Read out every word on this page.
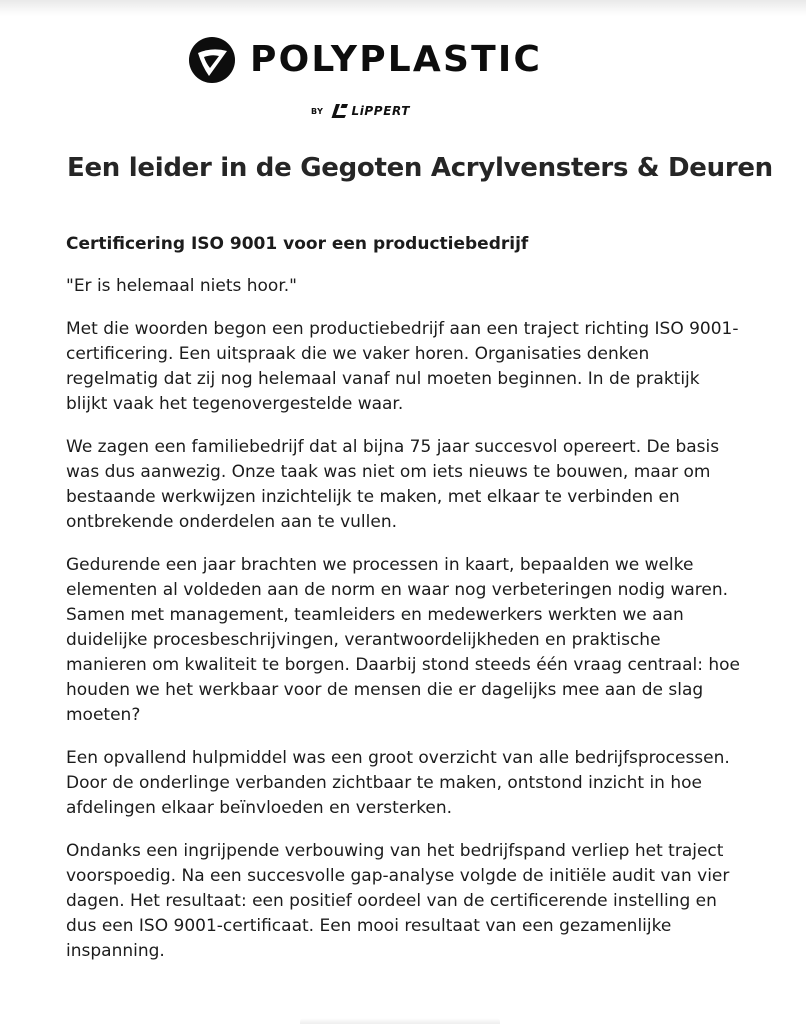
POLYPLASTIC
BY LiPPERT
Een leider in de Gegoten Acrylvensters & Deuren
Certificering ISO 9001 voor een productiebedrijf

"Er is helemaal niets hoor."

Met die woorden begon een productiebedrijf aan een traject richting ISO 9001-certificering. Een uitspraak die we vaker horen. Organisaties denken regelmatig dat zij nog helemaal vanaf nul moeten beginnen. In de praktijk blijkt vaak het tegenovergestelde waar.

We zagen een familiebedrijf dat al bijna 75 jaar succesvol opereert. De basis was dus aanwezig. Onze taak was niet om iets nieuws te bouwen, maar om bestaande werkwijzen inzichtelijk te maken, met elkaar te verbinden en ontbrekende onderdelen aan te vullen.

Gedurende een jaar brachten we processen in kaart, bepaalden we welke elementen al voldeden aan de norm en waar nog verbeteringen nodig waren. Samen met management, teamleiders en medewerkers werkten we aan duidelijke procesbeschrijvingen, verantwoordelijkheden en praktische manieren om kwaliteit te borgen. Daarbij stond steeds één vraag centraal: hoe houden we het werkbaar voor de mensen die er dagelijks mee aan de slag moeten?

Een opvallend hulpmiddel was een groot overzicht van alle bedrijfsprocessen. Door de onderlinge verbanden zichtbaar te maken, ontstond inzicht in hoe afdelingen elkaar beïnvloeden en versterken.

Ondanks een ingrijpende verbouwing van het bedrijfspand verliep het traject voorspoedig. Na een succesvolle gap-analyse volgde de initiële audit van vier dagen. Het resultaat: een positief oordeel van de certificerende instelling en dus een ISO 9001-certificaat. Een mooi resultaat van een gezamenlijke inspanning.
